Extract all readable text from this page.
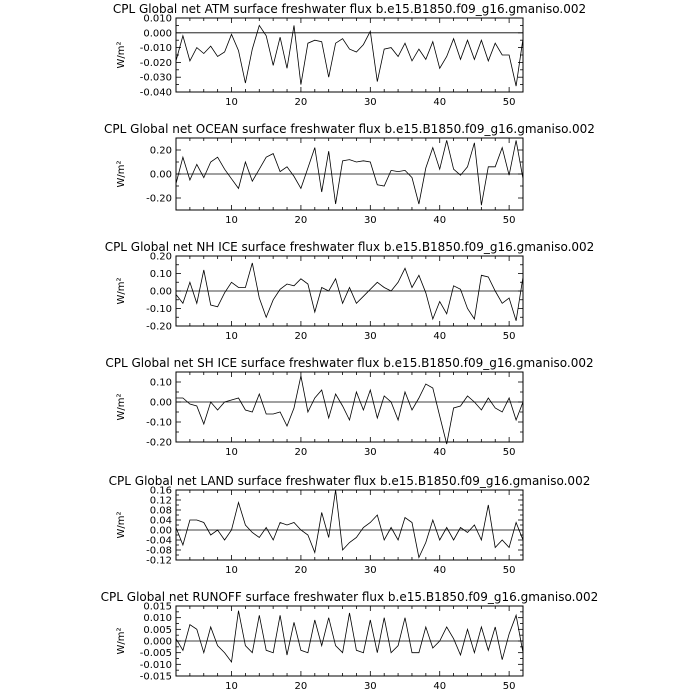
CPL Global net ATM surface freshwater flux b.e15.B1850.f09_g16.gmaniso.002
0.010
0.000
-0.010
-0.020
-0.030
-0.040
10	20	30	40	50
W/m²
CPL Global net OCEAN surface freshwater flux b.e15.B1850.f09_g16.gmaniso.002
0.20
0.00
-0.20
10	20	30	40	50
W/m²
CPL Global net NH ICE surface freshwater flux b.e15.B1850.f09_g16.gmaniso.002
0.20
0.10
0.00
-0.10
-0.20
10	20	30	40	50
W/m²
CPL Global net SH ICE surface freshwater flux b.e15.B1850.f09_g16.gmaniso.002
0.10
0.00
-0.10
-0.20
10	20	30	40	50
W/m²
CPL Global net LAND surface freshwater flux b.e15.B1850.f09_g16.gmaniso.002
0.16
0.12
0.08
0.04
0.00
-0.04
-0.08
-0.12
10	20	30	40	50
W/m²
CPL Global net RUNOFF surface freshwater flux b.e15.B1850.f09_g16.gmaniso.002
0.015
0.010
0.005
0.000
-0.005
-0.010
-0.015
10	20	30	40	50
W/m²
